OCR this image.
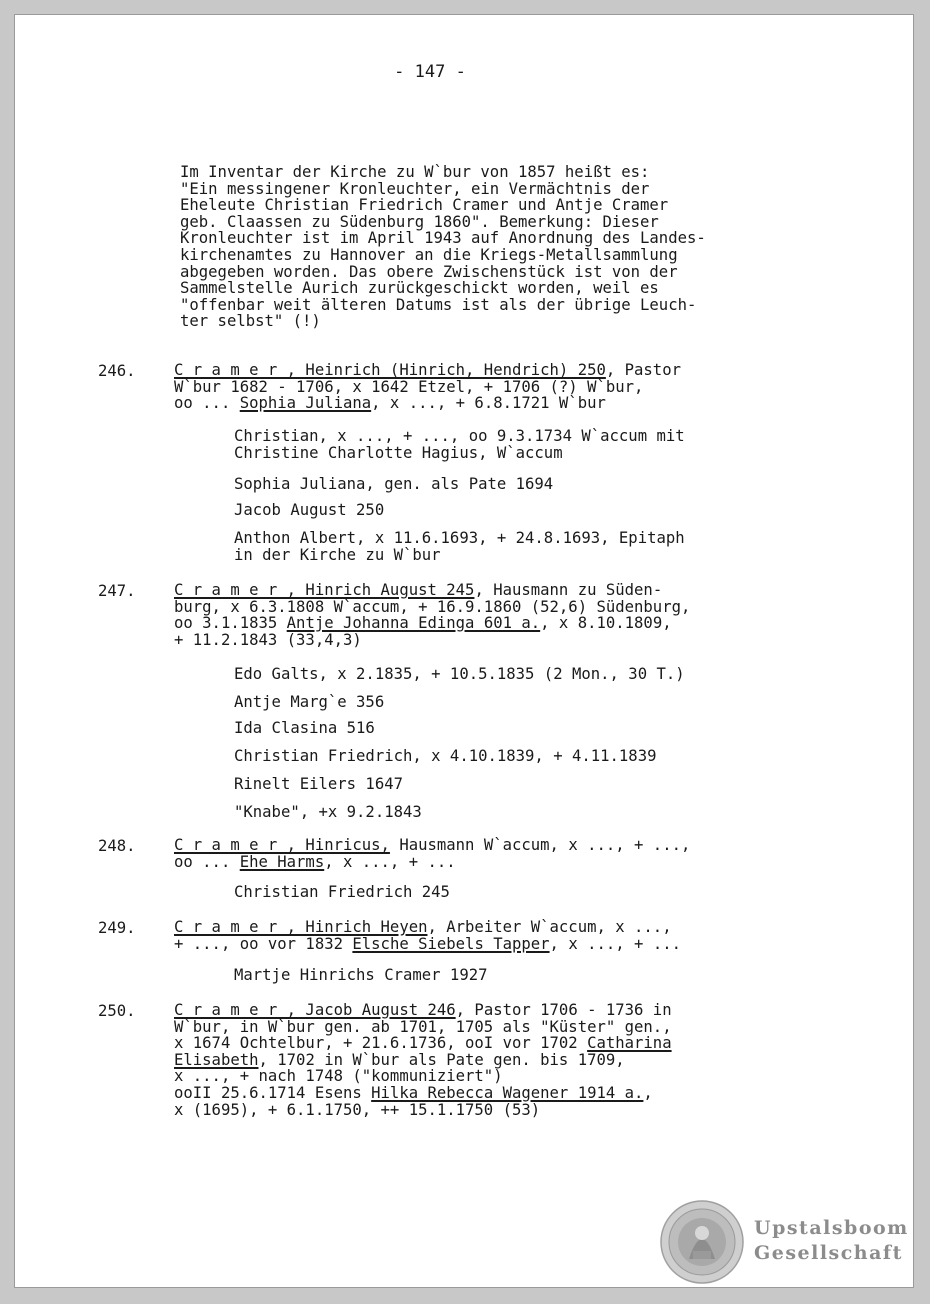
- 147 -
Im Inventar der Kirche zu W`bur von 1857 heißt es:
"Ein messingener Kronleuchter, ein Vermächtnis der
Eheleute Christian Friedrich Cramer und Antje Cramer
geb. Claassen zu Südenburg 1860". Bemerkung: Dieser
Kronleuchter ist im April 1943 auf Anordnung des Landes-
kirchenamtes zu Hannover an die Kriegs-Metallsammlung
abgegeben worden. Das obere Zwischenstück ist von der
Sammelstelle Aurich zurückgeschickt worden, weil es
"offenbar weit älteren Datums ist als der übrige Leuch-
ter selbst" (!)
246. C r a m e r , Heinrich (Hinrich, Hendrich) 250, Pastor
W`bur 1682 - 1706, x 1642 Etzel, + 1706 (?) W`bur,
oo ... Sophia Juliana, x ..., + 6.8.1721 W`bur
247. C r a m e r , Hinrich August 245, Hausmann zu Süden-
burg, x 6.3.1808 W`accum, + 16.9.1860 (52,6) Südenburg,
oo 3.1.1835 Antje Johanna Edinga 601 a., x 8.10.1809,
+ 11.2.1843 (33,4,3)
248. C r a m e r , Hinricus, Hausmann W`accum, x ..., + ...,
oo ... Ehe Harms, x ..., + ...
249. C r a m e r , Hinrich Heyen, Arbeiter W`accum, x ...,
+ ..., oo vor 1832 Elsche Siebels Tapper, x ..., + ...
250. C r a m e r , Jacob August 246, Pastor 1706 - 1736 in
W`bur, in W`bur gen. ab 1701, 1705 als "Küster" gen.,
x 1674 Ochtelbur, + 21.6.1736, ooI vor 1702 Catharina
Elisabeth, 1702 in W`bur als Pate gen. bis 1709,
x ..., + nach 1748 ("kommuniziert")
ooII 25.6.1714 Esens Hilka Rebecca Wagener 1914 a.,
x (1695), + 6.1.1750, ++ 15.1.1750 (53)
Upstalsboom
Gesellschaft
Christian, x ..., + ..., oo 9.3.1734 W`accum mit
Christine Charlotte Hagius, W`accum
Sophia Juliana, gen. als Pate 1694
Jacob August 250
Anthon Albert, x 11.6.1693, + 24.8.1693, Epitaph
in der Kirche zu W`bur
Edo Galts, x 2.1835, + 10.5.1835 (2 Mon., 30 T.)
Antje Marg`e 356
Ida Clasina 516
Christian Friedrich, x 4.10.1839, + 4.11.1839
Rinelt Eilers 1647
"Knabe", +x 9.2.1843
Christian Friedrich 245
Martje Hinrichs Cramer 1927
